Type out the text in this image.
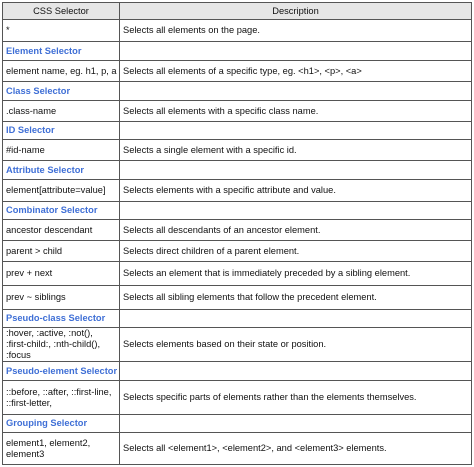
CSS Selector	Description
*	Selects all elements on the page.
Element Selector	
element name, eg. h1, p, a	Selects all elements of a specific type, eg. <h1>, <p>, <a>
Class Selector	
.class-name	Selects all elements with a specific class name.
ID Selector	
#id-name	Selects a single element with a specific id.
Attribute Selector	
element[attribute=value]	Selects elements with a specific attribute and value.
Combinator Selector	
ancestor descendant	Selects all descendants of an ancestor element.
parent > child	Selects direct children of a parent element.
prev + next	Selects an element that is immediately preceded by a sibling element.
prev ~ siblings	Selects all sibling elements that follow the precedent element.
Pseudo-class Selector	
:hover, :active, :not(), :first-child:, :nth-child(), :focus	Selects elements based on their state or position.
Pseudo-element Selector	
::before, ::after, ::first-line, ::first-letter,	Selects specific parts of elements rather than the elements themselves.
Grouping Selector	
element1, element2, element3	Selects all <element1>, <element2>, and <element3> elements.
